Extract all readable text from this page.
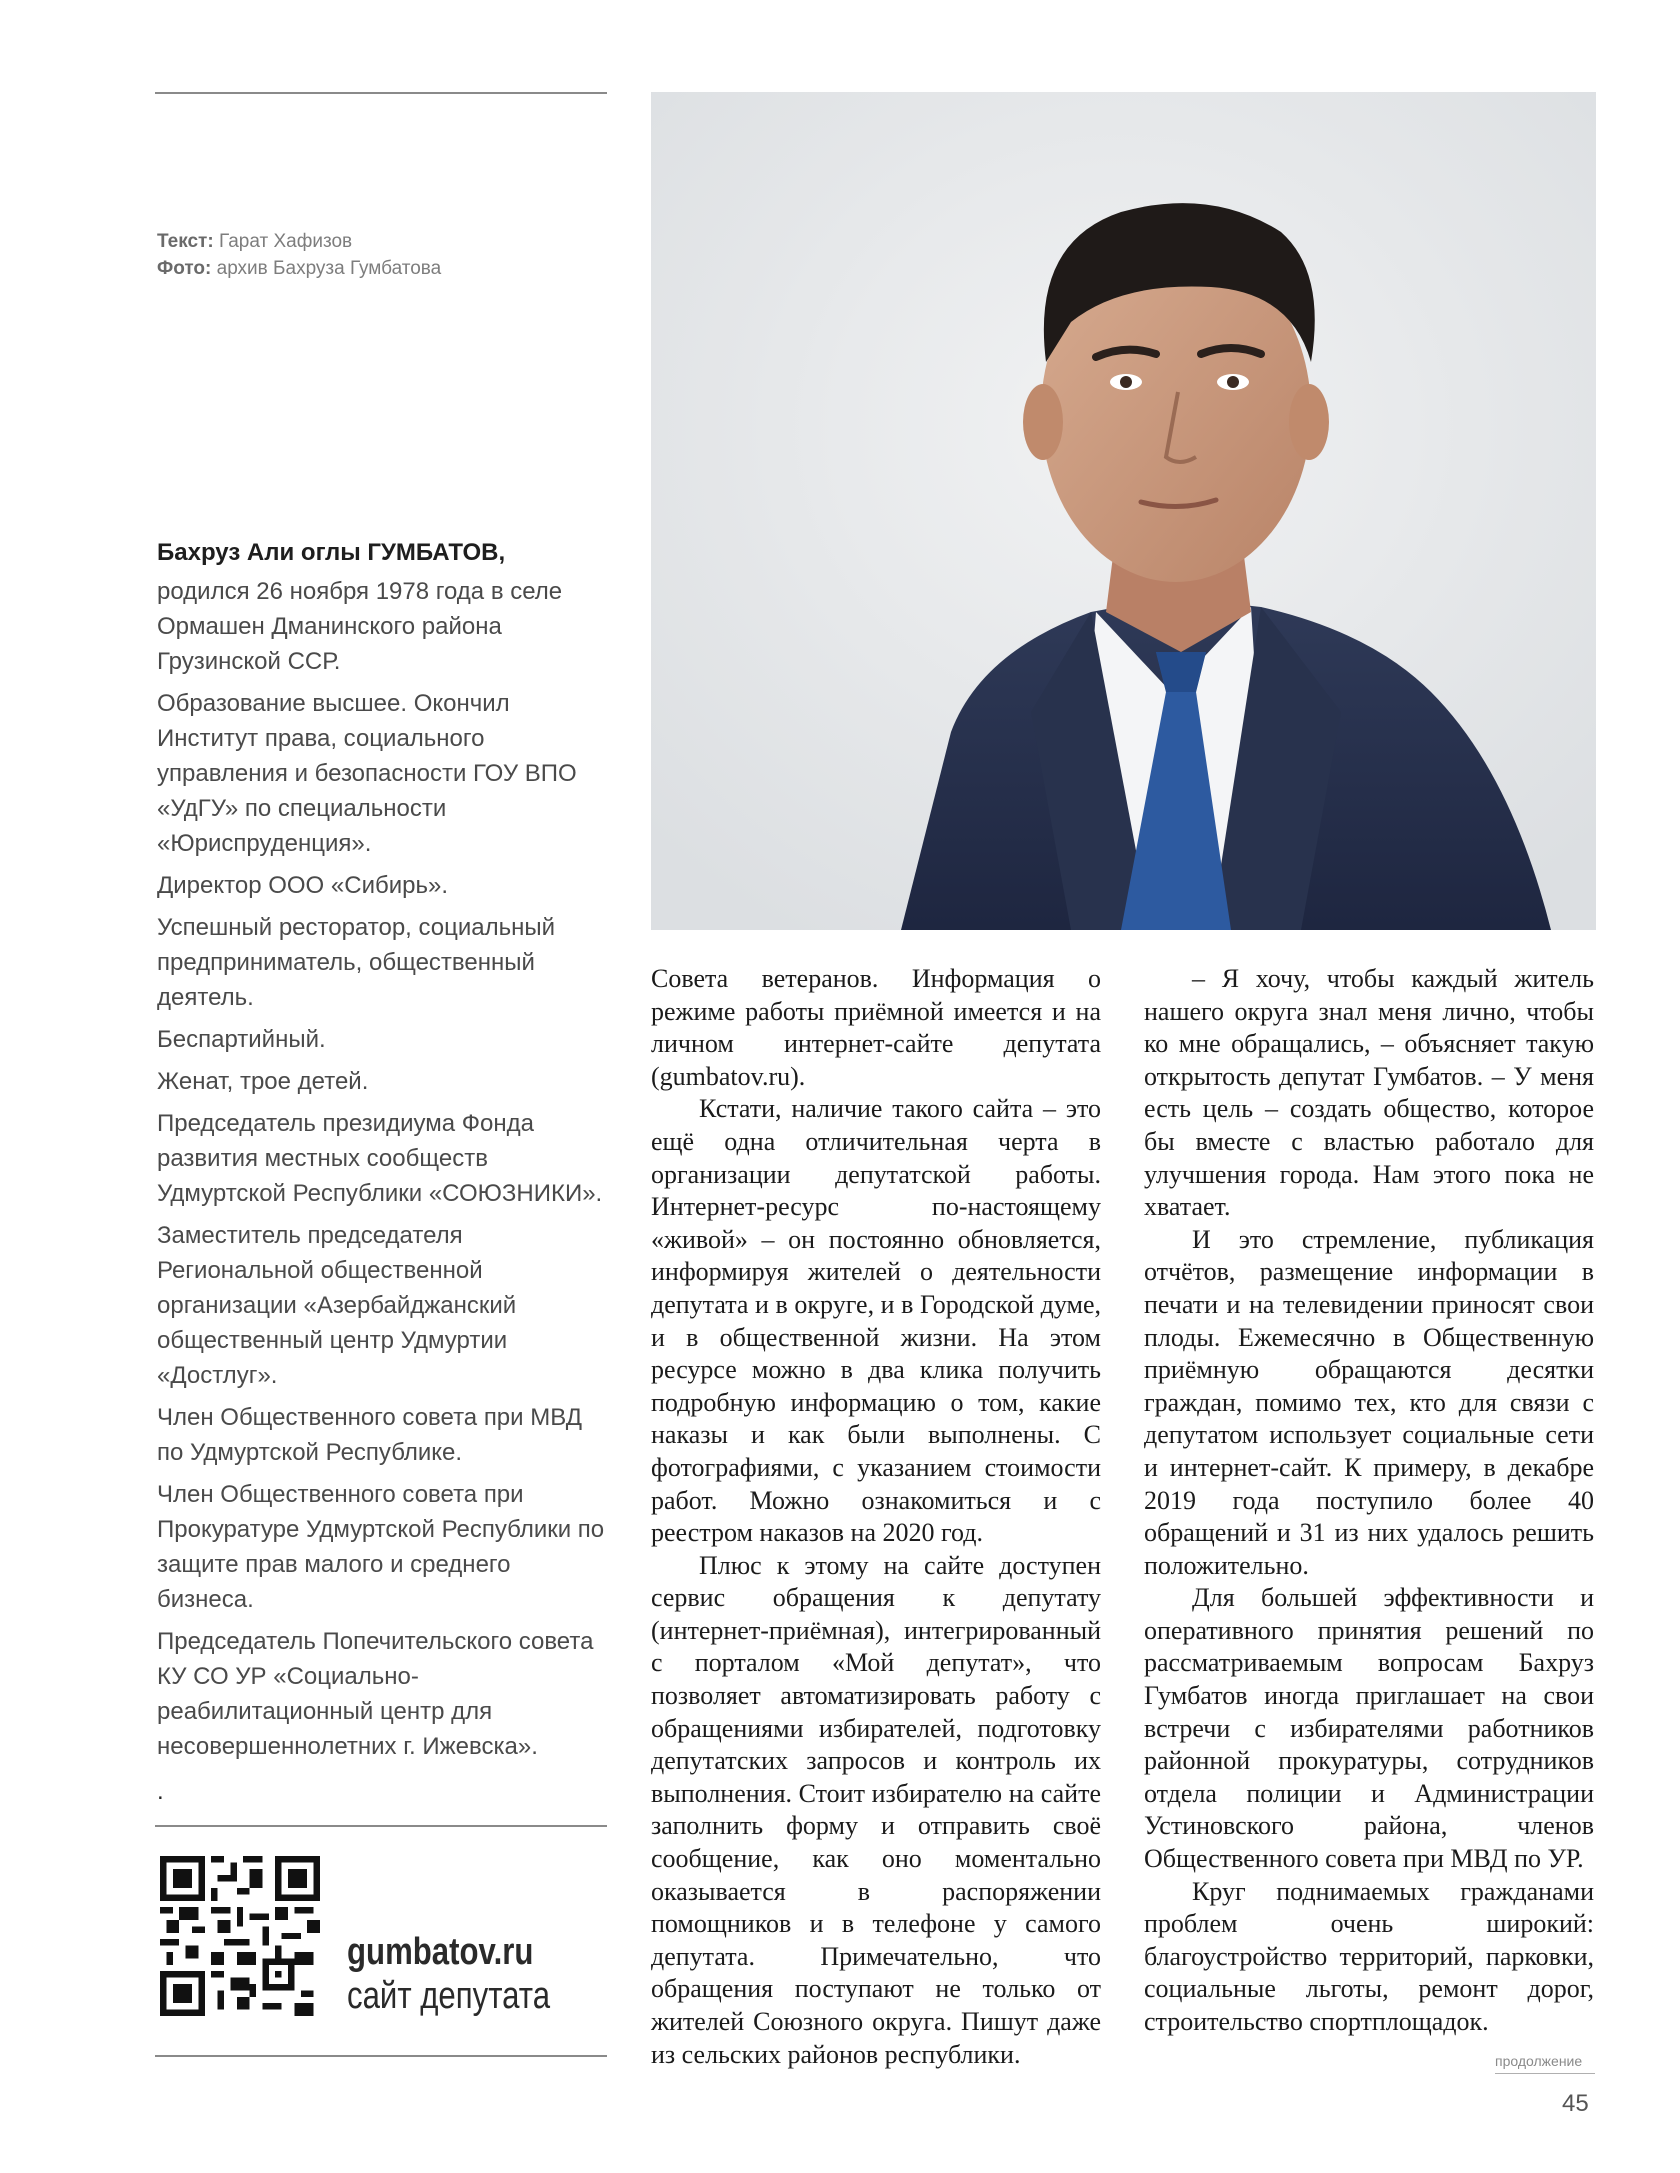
Текст: Гарат Хафизов
Фото: архив Бахруза Гумбатова
Бахруз Али оглы ГУМБАТОВ,

родился 26 ноября 1978 года в селе Ормашен Дманинского района Грузинской ССР.

Образование высшее. Окончил Институт права, социального управления и безопасности ГОУ ВПО «УдГУ» по специальности «Юриспруденция».

Директор ООО «Сибирь».

Успешный ресторатор, социальный предприниматель, общественный деятель.

Беспартийный.

Женат, трое детей.

Председатель президиума Фонда развития местных сообществ Удмуртской Республики «СОЮЗНИКИ».

Заместитель председателя Региональной общественной организации «Азербайджанский общественный центр Удмуртии «Достлуг».

Член Общественного совета при МВД по Удмуртской Республике.

Член Общественного совета при Прокуратуре Удмуртской Республики по защите прав малого и среднего бизнеса.

Председатель Попечительского совета КУ СО УР «Социально-реабилитационный центр для несовершеннолетних г. Ижевска».

.

Совета ветеранов. Информация о режиме работы приёмной имеется и на личном интернет-сайте депутата (gumbatov.ru).

Кстати, наличие такого сайта – это ещё одна отличительная черта в организации депутатской работы. Интернет-ресурс по-настоящему «живой» – он постоянно обновляется, информируя жителей о деятельности депутата и в округе, и в Городской думе, и в общественной жизни. На этом ресурсе можно в два клика получить подробную информацию о том, какие наказы и как были выполнены. С фотографиями, с указанием стоимости работ. Можно ознакомиться и с реестром наказов на 2020 год.

Плюс к этому на сайте доступен сервис обращения к депутату (интернет-приёмная), интегрированный с порталом «Мой депутат», что позволяет автоматизировать работу с обращениями избирателей, подготовку депутатских запросов и контроль их выполнения. Стоит избирателю на сайте заполнить форму и отправить своё сообщение, как оно моментально оказывается в распоряжении помощников и в телефоне у самого депутата. Примечательно, что обращения поступают не только от жителей Союзного округа. Пишут даже из сельских районов республики.

– Я хочу, чтобы каждый житель нашего округа знал меня лично, чтобы ко мне обращались, – объясняет такую открытость депутат Гумбатов. – У меня есть цель – создать общество, которое бы вместе с властью работало для улучшения города. Нам этого пока не хватает.

И это стремление, публикация отчётов, размещение информации в печати и на телевидении приносят свои плоды. Ежемесячно в Общественную приёмную обращаются десятки граждан, помимо тех, кто для связи с депутатом использует социальные сети и интернет-сайт. К примеру, в декабре 2019 года поступило более 40 обращений и 31 из них удалось решить положительно.

Для большей эффективности и оперативного принятия решений по рассматриваемым вопросам Бахруз Гумбатов иногда приглашает на свои встречи с избирателями работников районной прокуратуры, сотрудников отдела полиции и Администрации Устиновского района, членов Общественного совета при МВД по УР.

Круг поднимаемых гражданами проблем очень широкий: благоустройство территорий, парковки, социальные льготы, ремонт дорог, строительство спортплощадок.

gumbatov.ru
сайт депутата
продолжение
45
